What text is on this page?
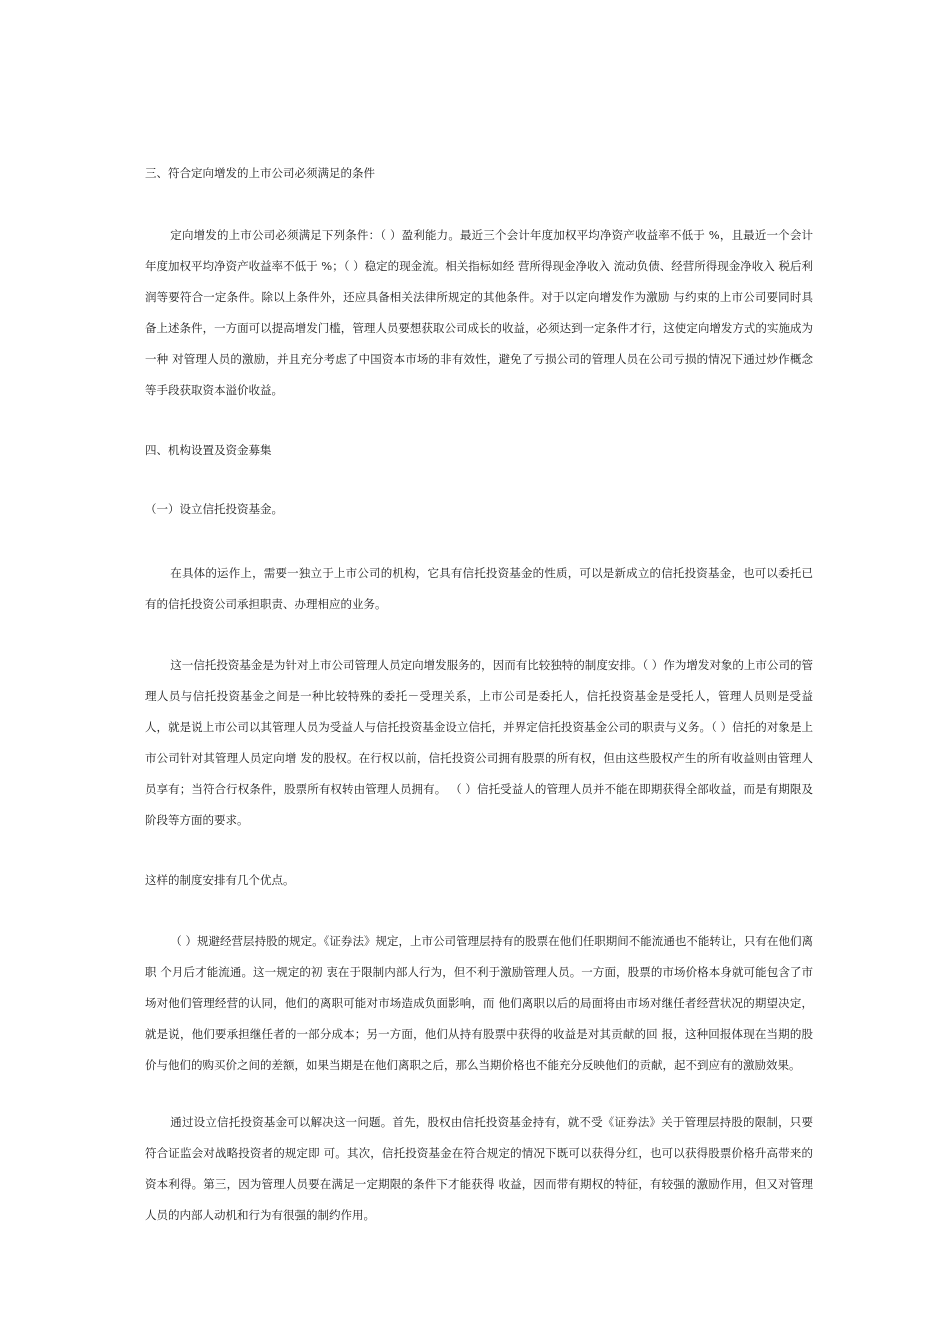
三、符合定向增发的上市公司必须满足的条件

定向增发的上市公司必须满足下列条件：（ ）盈利能力。最近三个会计年度加权平均净资产收益率不低于 %，且最近一个会计年度加权平均净资产收益率不低于 %；（ ）稳定的现金流。相关指标如经 营所得现金净收入 流动负债、经营所得现金净收入 税后利润等要符合一定条件。除以上条件外，还应具备相关法律所规定的其他条件。对于以定向增发作为激励 与约束的上市公司要同时具备上述条件，一方面可以提高增发门槛，管理人员要想获取公司成长的收益，必须达到一定条件才行，这使定向增发方式的实施成为一种 对管理人员的激励，并且充分考虑了中国资本市场的非有效性，避免了亏损公司的管理人员在公司亏损的情况下通过炒作概念等手段获取资本溢价收益。

四、机构设置及资金募集

（一）设立信托投资基金。

在具体的运作上，需要一独立于上市公司的机构，它具有信托投资基金的性质，可以是新成立的信托投资基金，也可以委托已有的信托投资公司承担职责、办理相应的业务。

这一信托投资基金是为针对上市公司管理人员定向增发服务的，因而有比较独特的制度安排。（ ）作为增发对象的上市公司的管理人员与信托投资基金之间是一种比较特殊的委托－受理关系，上市公司是委托人，信托投资基金是受托人，管理人员则是受益 人，就是说上市公司以其管理人员为受益人与信托投资基金设立信托，并界定信托投资基金公司的职责与义务。（ ）信托的对象是上市公司针对其管理人员定向增 发的股权。在行权以前，信托投资公司拥有股票的所有权，但由这些股权产生的所有收益则由管理人员享有；当符合行权条件，股票所有权转由管理人员拥有。 （ ）信托受益人的管理人员并不能在即期获得全部收益，而是有期限及阶段等方面的要求。

这样的制度安排有几个优点。

（ ）规避经营层持股的规定。《证券法》规定，上市公司管理层持有的股票在他们任职期间不能流通也不能转让，只有在他们离职 个月后才能流通。这一规定的初 衷在于限制内部人行为，但不利于激励管理人员。一方面，股票的市场价格本身就可能包含了市场对他们管理经营的认同，他们的离职可能对市场造成负面影响，而 他们离职以后的局面将由市场对继任者经营状况的期望决定，就是说，他们要承担继任者的一部分成本；另一方面，他们从持有股票中获得的收益是对其贡献的回 报，这种回报体现在当期的股价与他们的购买价之间的差额，如果当期是在他们离职之后，那么当期价格也不能充分反映他们的贡献，起不到应有的激励效果。

通过设立信托投资基金可以解决这一问题。首先，股权由信托投资基金持有，就不受《证券法》关于管理层持股的限制，只要符合证监会对战略投资者的规定即 可。其次，信托投资基金在符合规定的情况下既可以获得分红，也可以获得股票价格升高带来的资本利得。第三，因为管理人员要在满足一定期限的条件下才能获得 收益，因而带有期权的特征，有较强的激励作用，但又对管理人员的内部人动机和行为有很强的制约作用。
